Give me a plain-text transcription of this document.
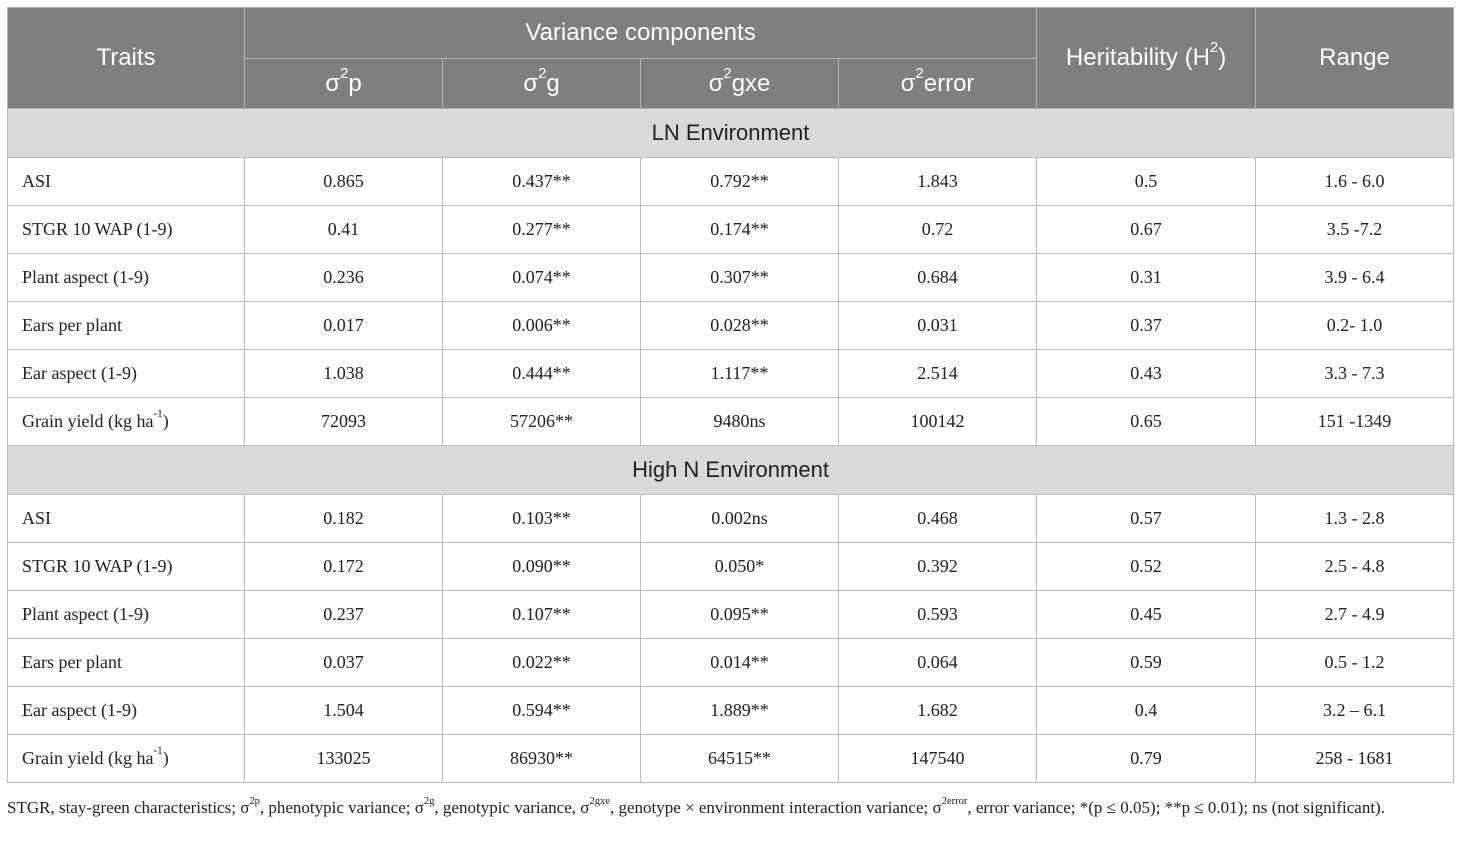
Traits	Variance components				Heritability $(H^2)$	Range
	$\sigma^2p$	$\sigma^2g$	$\sigma^2gxe$	$\sigma^2error$		
LN Environment						
ASI	0.865	0.437**	0.792**	1.843	0.5	1.6 - 6.0
STGR 10 WAP (1-9)	0.41	0.277**	0.174**	0.72	0.67	3.5 -7.2
Plant aspect (1-9)	0.236	0.074**	0.307**	0.684	0.31	3.9 - 6.4
Ears per plant	0.017	0.006**	0.028**	0.031	0.37	0.2- 1.0
Ear aspect (1-9)	1.038	0.444**	1.117**	2.514	0.43	3.3 - 7.3
Grain yield (kg $ha^{-1}$)	72093	57206**	9480ns	100142	0.65	151 -1349
High N Environment						
ASI	0.182	0.103**	0.002ns	0.468	0.57	1.3 - 2.8
STGR 10 WAP (1-9)	0.172	0.090**	0.050*	0.392	0.52	2.5 - 4.8
Plant aspect (1-9)	0.237	0.107**	0.095**	0.593	0.45	2.7 - 4.9
Ears per plant	0.037	0.022**	0.014**	0.064	0.59	0.5 - 1.2
Ear aspect (1-9)	1.504	0.594**	1.889**	1.682	0.4	3.2 – 6.1
Grain yield (kg $ha^{-1}$)	133025	86930**	64515**	147540	0.79	258 - 1681
STGR, stay-green characteristics; $\sigma^{2p}$, phenotypic variance; $\sigma^{2g}$, genotypic variance, $\sigma^{2gxe}$, genotype × environment interaction variance; $\sigma^{2error}$, error variance; *(p ≤ 0.05); **p ≤ 0.01); ns (not significant).
